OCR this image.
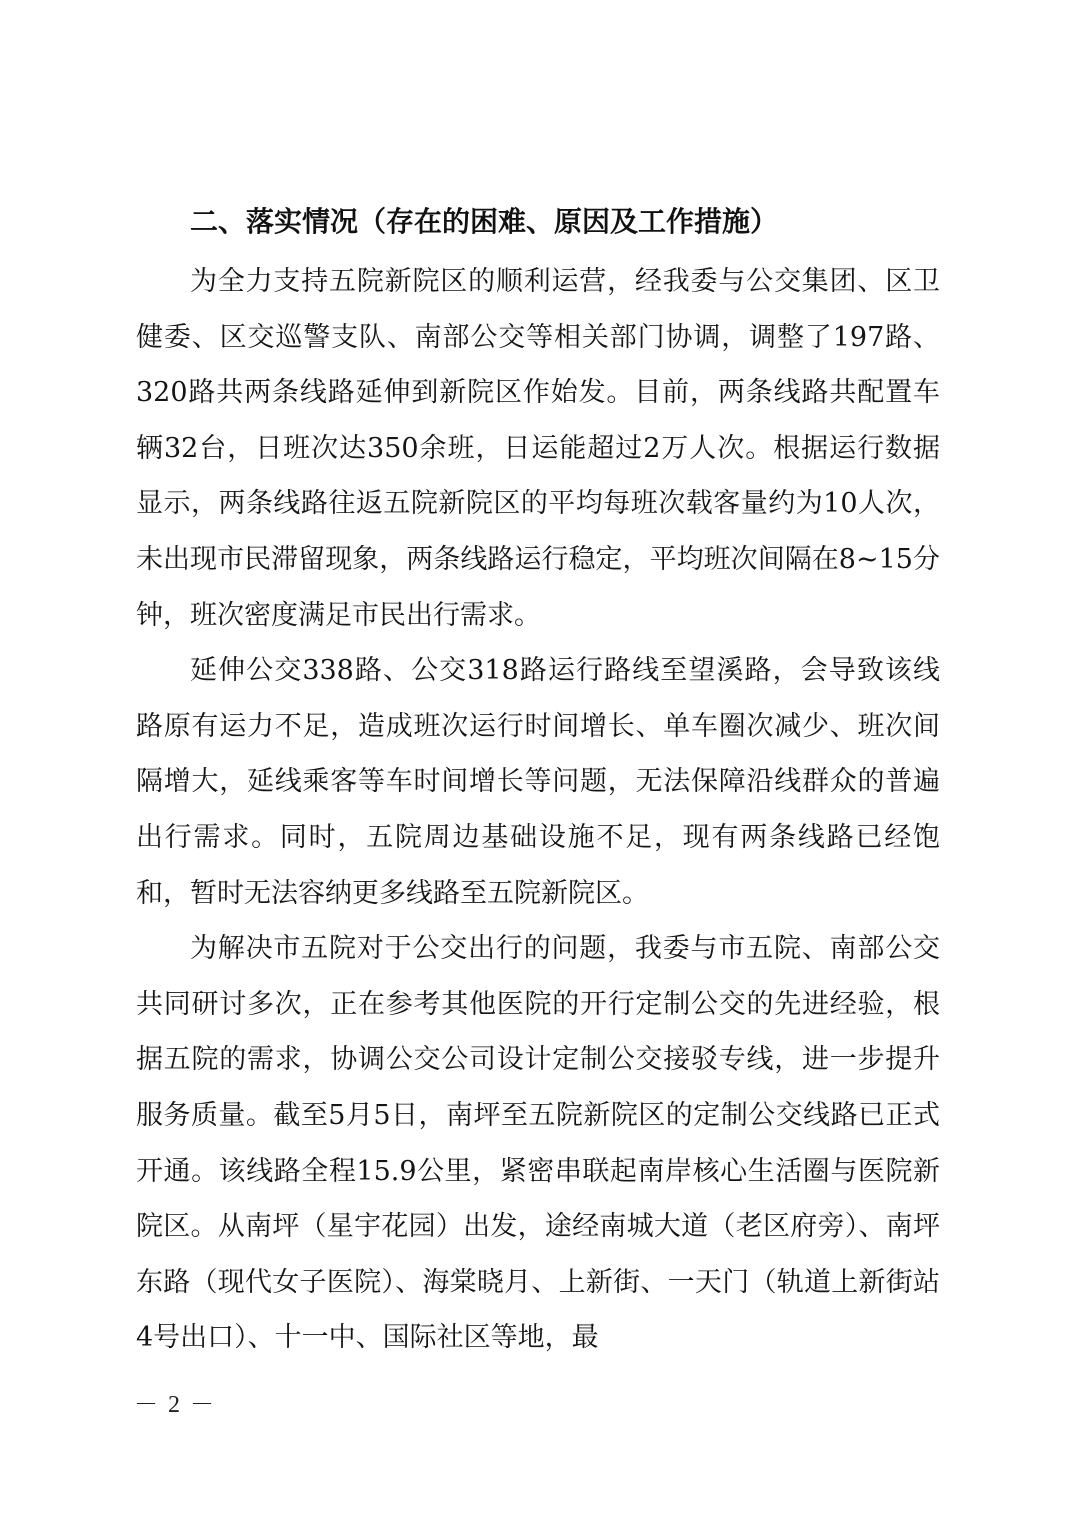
二、落实情况（存在的困难、原因及工作措施）

为全力支持五院新院区的顺利运营，经我委与公交集团、区卫健委、区交巡警支队、南部公交等相关部门协调，调整了197路、320路共两条线路延伸到新院区作始发。目前，两条线路共配置车辆32台，日班次达350余班，日运能超过2万人次。根据运行数据显示，两条线路往返五院新院区的平均每班次载客量约为10人次，未出现市民滞留现象，两条线路运行稳定，平均班次间隔在8~15分钟，班次密度满足市民出行需求。

延伸公交338路、公交318路运行路线至望溪路，会导致该线路原有运力不足，造成班次运行时间增长、单车圈次减少、班次间隔增大，延线乘客等车时间增长等问题，无法保障沿线群众的普遍出行需求。同时，五院周边基础设施不足，现有两条线路已经饱和，暂时无法容纳更多线路至五院新院区。

为解决市五院对于公交出行的问题，我委与市五院、南部公交共同研讨多次，正在参考其他医院的开行定制公交的先进经验，根据五院的需求，协调公交公司设计定制公交接驳专线，进一步提升服务质量。截至5月5日，南坪至五院新院区的定制公交线路已正式开通。该线路全程15.9公里，紧密串联起南岸核心生活圈与医院新院区。从南坪（星宇花园）出发，途经南城大道（老区府旁）、南坪东路（现代女子医院）、海棠晓月、上新街、一天门（轨道上新街站4号出口）、十一中、国际社区等地，最

－ 2 －
